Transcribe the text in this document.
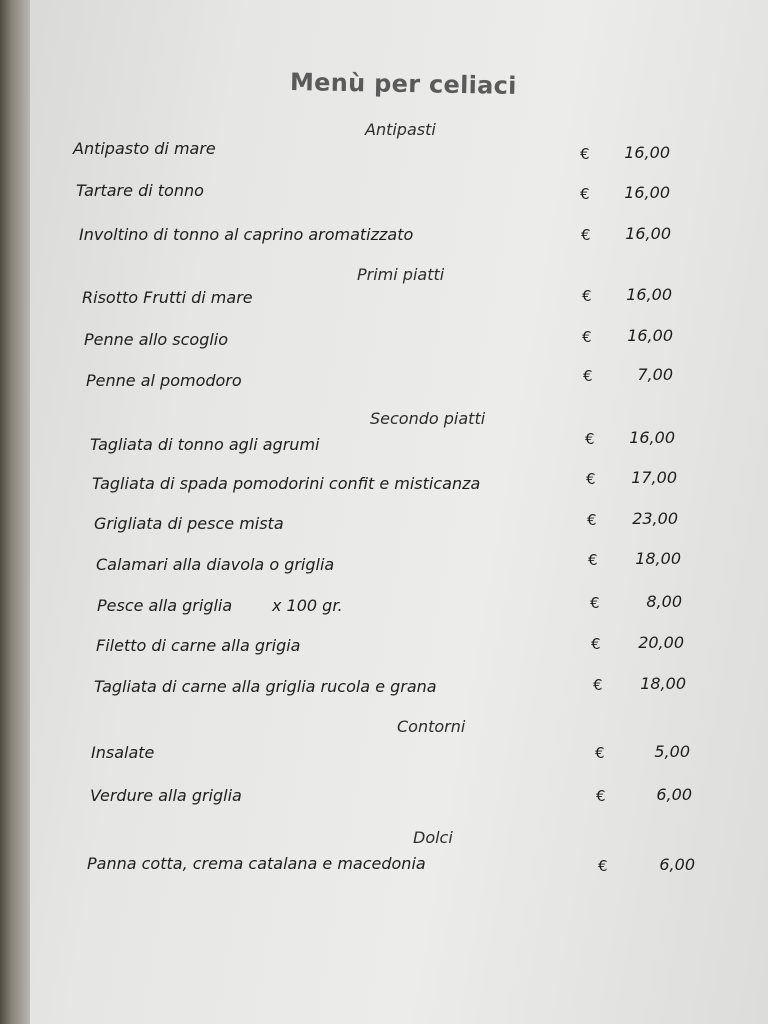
Menù per celiaci
Antipasti
Antipasto di mare	€	16,00
Tartare di tonno	€	16,00
Involtino di tonno al caprino aromatizzato	€	16,00
Primi piatti
Risotto Frutti di mare	€	16,00
Penne allo scoglio	€	16,00
Penne al pomodoro	€	7,00
Secondo piatti
Tagliata di tonno agli agrumi	€	16,00
Tagliata di spada pomodorini confit e misticanza	€	17,00
Grigliata di pesce mista	€	23,00
Calamari alla diavola o griglia	€	18,00
Pesce alla griglia x 100 gr.	€	8,00
Filetto di carne alla grigia	€	20,00
Tagliata di carne alla griglia rucola e grana	€	18,00
Contorni
Insalate	€	5,00
Verdure alla griglia	€	6,00
Dolci
Panna cotta, crema catalana e macedonia	€	6,00
